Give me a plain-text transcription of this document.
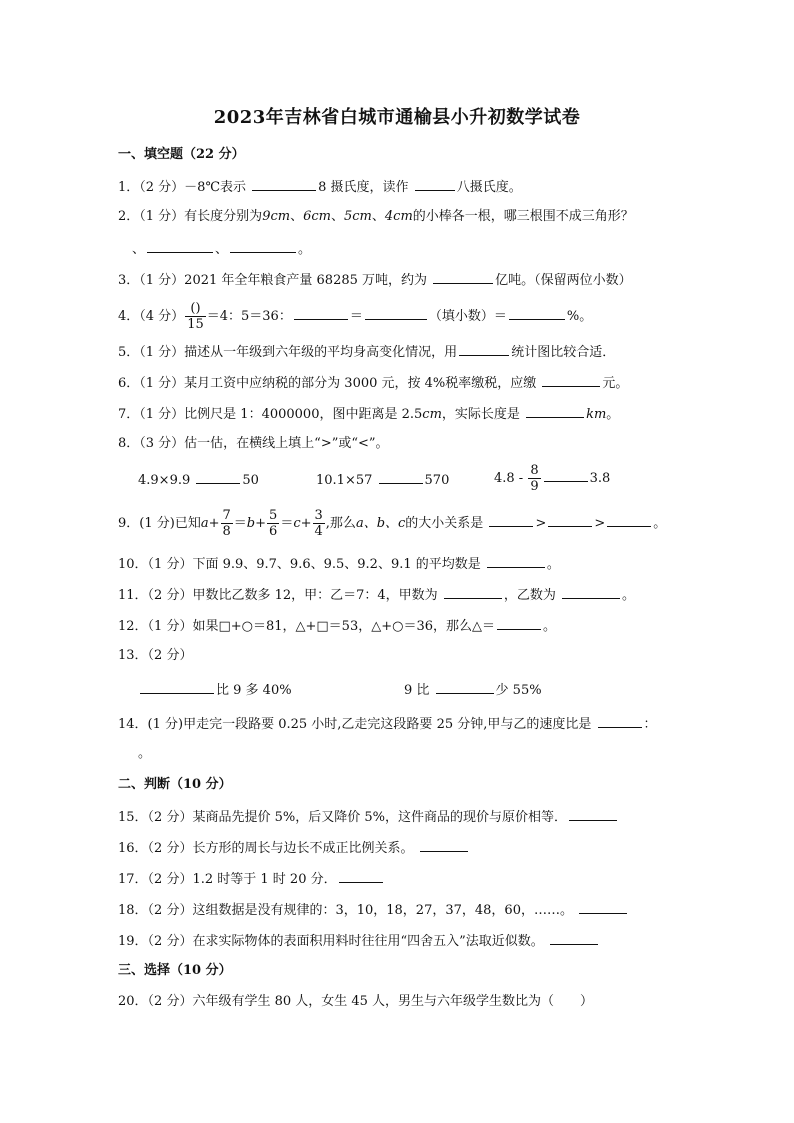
2023年吉林省白城市通榆县小升初数学试卷
一、填空题（22 分）
1．（2 分）－8℃表示	8 摄氏度，读作	八摄氏度。
2．（1 分）有长度分别为9cm、6cm、5cm、4cm的小棒各一根，哪三根围不成三角形？
、	、	。
3．（1 分）2021 年全年粮食产量 68285 万吨，约为	亿吨。（保留两位小数）
4．（4 分） $\frac{()}{15} =4$：5＝36：	＝	（填小数）＝	%。
5．（1 分）描述从一年级到六年级的平均身高变化情况，用	统计图比较合适．
6．（1 分）某月工资中应纳税的部分为 3000 元，按 4%税率缴税，应缴	元。
7．（1 分）比例尺是 1：4000000，图中距离是 2.5cm，实际长度是	km。
8．（3 分）估一估，在横线上填上“>”或“<”。
4.9×9.9	50	10.1×57	570	$4.8 - \frac{8}{9}$	3.8
9．(1 分)已知$a+ \frac{7}{8} =b+ \frac{5}{6} =c+ \frac{3}{4}$ ,那么a、b、c的大小关系是	>	>	。
10．（1 分）下面 9.9、9.7、9.6、9.5、9.2、9.1 的平均数是	。
11．（2 分）甲数比乙数多 12，甲：乙＝7：4，甲数为	，乙数为	。
12．（1 分）如果□+○＝81，△+□＝53，△+○＝36，那么△＝	。
13．（2 分）
比 9 多 40%	9 比	少 55%
14．(1 分)甲走完一段路要 0.25 小时,乙走完这段路要 25 分钟,甲与乙的速度比是	：
。
二、判断（10 分）
15．（2 分）某商品先提价 5%，后又降价 5%，这件商品的现价与原价相等．
16．（2 分）长方形的周长与边长不成正比例关系。
17．（2 分）1.2 时等于 1 时 20 分．
18．（2 分）这组数据是没有规律的：3，10，18，27，37，48，60，……。
19．（2 分）在求实际物体的表面积用料时往往用“四舍五入”法取近似数。
三、选择（10 分）
20．（2 分）六年级有学生 80 人，女生 45 人，男生与六年级学生数比为（　　）
